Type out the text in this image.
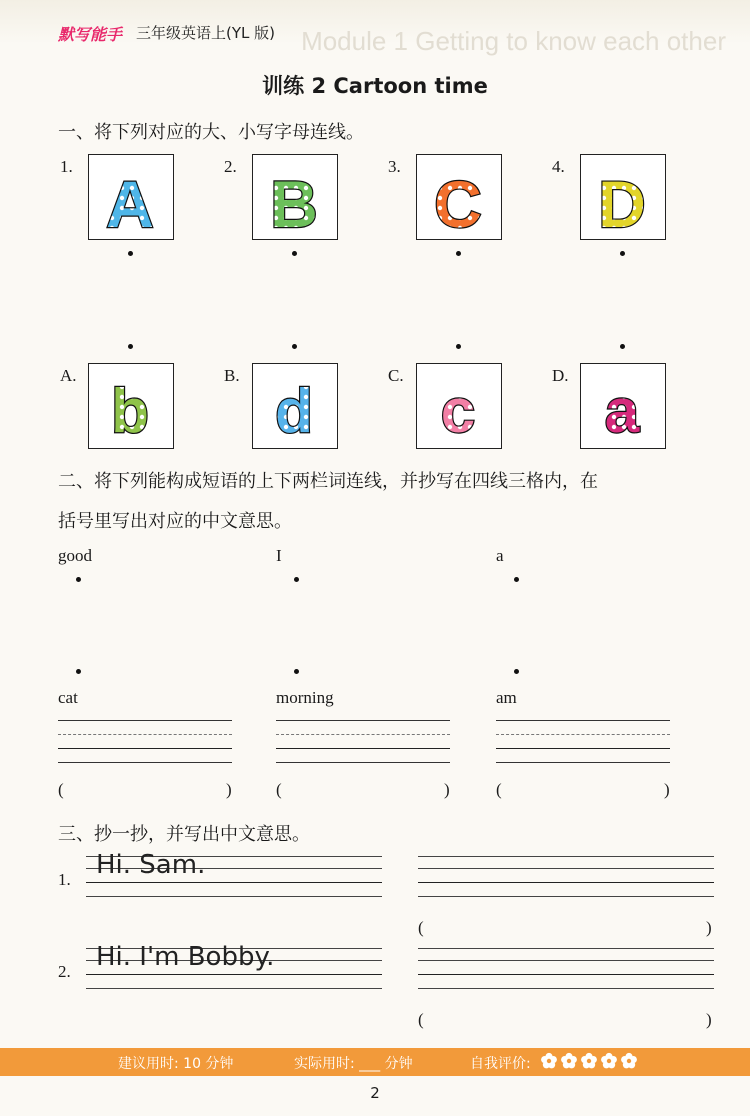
默写能手 三年级英语上(YL 版) Module 1 Getting to know each other
训练 2 Cartoon time
一、将下列对应的大、小写字母连线。
1.
A
2.
B
3.
C
4.
D
A.
b
B.
d
C.
c
D.
a
二、将下列能构成短语的上下两栏词连线，并抄写在四线三格内，在
括号里写出对应的中文意思。
good	I	a
cat
(	)
morning
(	)
am
(	)
三、抄一抄，并写出中文意思。
1. Hi. Sam.
(	)
2. Hi. I'm Bobby.
(	)
建议用时: 10 分钟	实际用时: ___ 分钟	自我评价:
2
